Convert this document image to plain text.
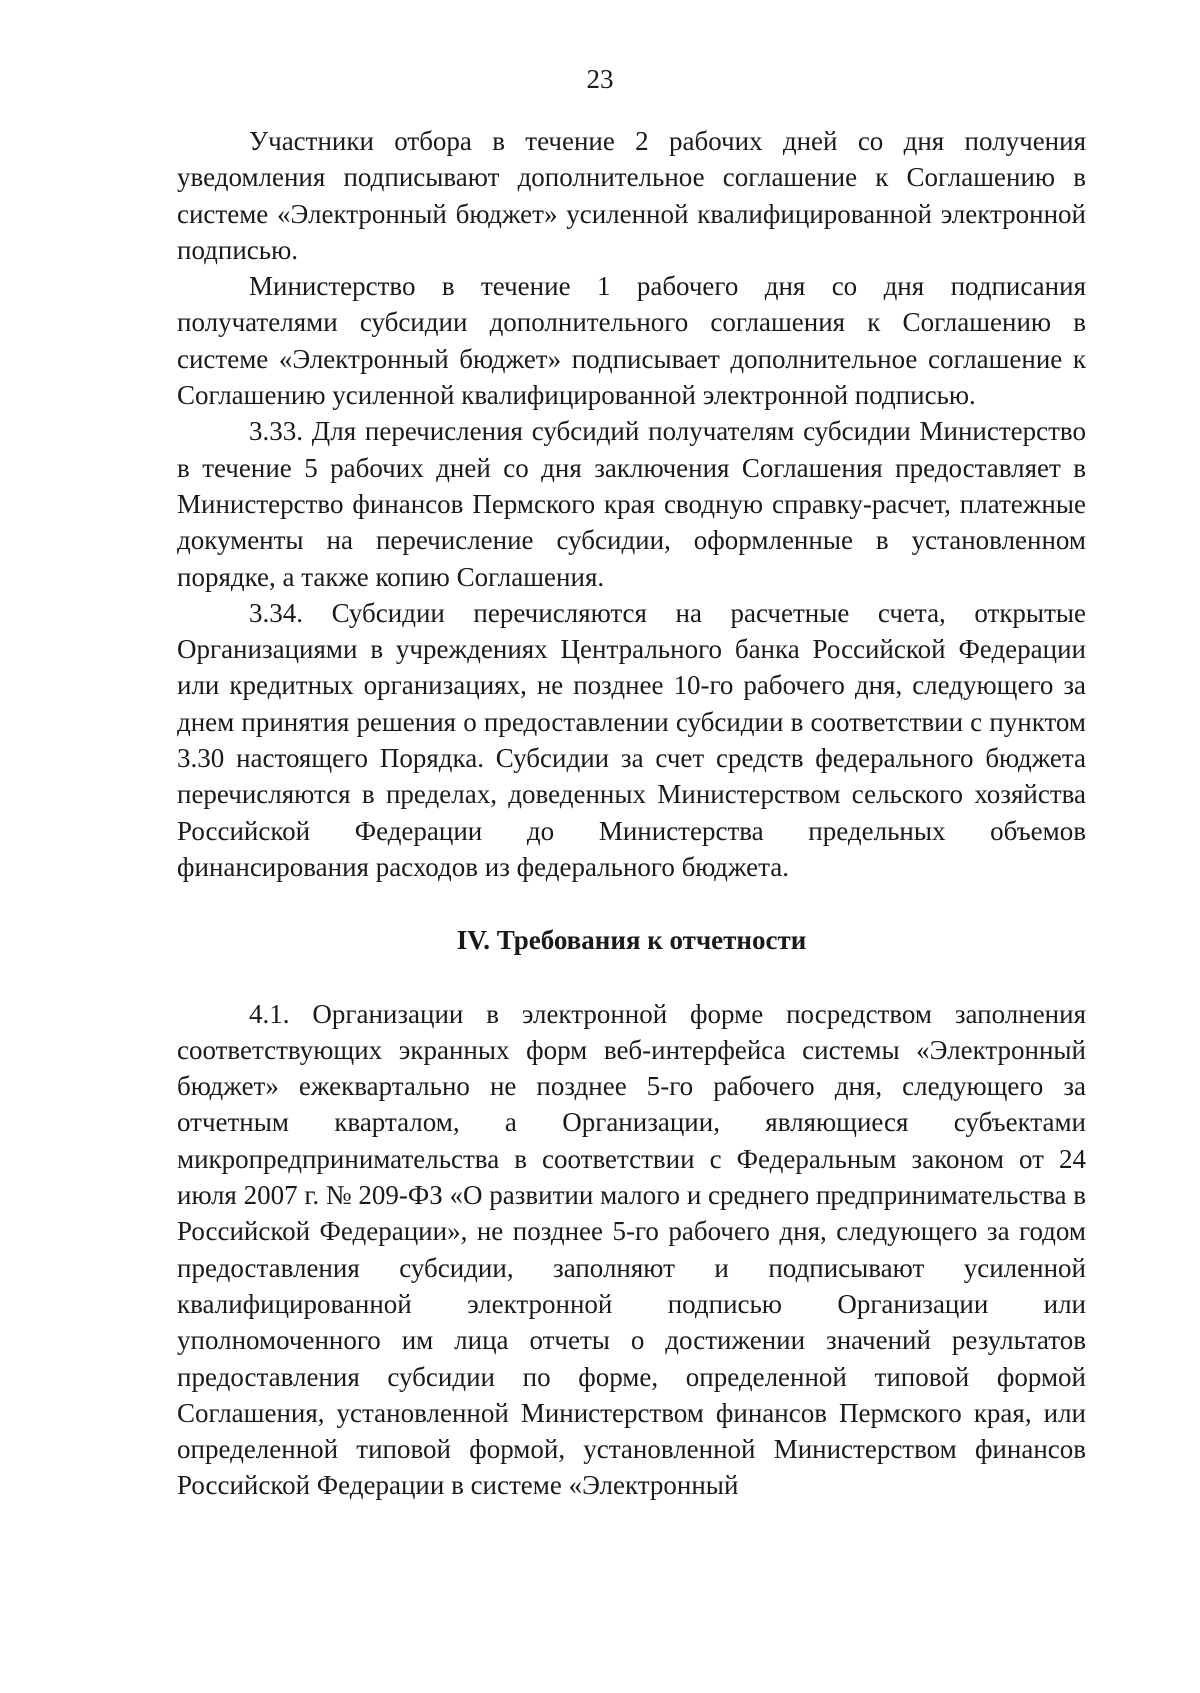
23

Участники отбора в течение 2 рабочих дней со дня получения уведомления подписывают дополнительное соглашение к Соглашению в системе «Электронный бюджет» усиленной квалифицированной электронной подписью.

Министерство в течение 1 рабочего дня со дня подписания получателями субсидии дополнительного соглашения к Соглашению в системе «Электронный бюджет» подписывает дополнительное соглашение к Соглашению усиленной квалифицированной электронной подписью.

3.33. Для перечисления субсидий получателям субсидии Министерство в течение 5 рабочих дней со дня заключения Соглашения предоставляет в Министерство финансов Пермского края сводную справку-расчет, платежные документы на перечисление субсидии, оформленные в установленном порядке, а также копию Соглашения.

3.34. Субсидии перечисляются на расчетные счета, открытые Организациями в учреждениях Центрального банка Российской Федерации или кредитных организациях, не позднее 10-го рабочего дня, следующего за днем принятия решения о предоставлении субсидии в соответствии с пунктом 3.30 настоящего Порядка. Субсидии за счет средств федерального бюджета перечисляются в пределах, доведенных Министерством сельского хозяйства Российской Федерации до Министерства предельных объемов финансирования расходов из федерального бюджета.

IV. Требования к отчетности

4.1. Организации в электронной форме посредством заполнения соответствующих экранных форм веб-интерфейса системы «Электронный бюджет» ежеквартально не позднее 5-го рабочего дня, следующего за отчетным кварталом, а Организации, являющиеся субъектами микропредпринимательства в соответствии с Федеральным законом от 24 июля 2007 г. № 209-ФЗ «О развитии малого и среднего предпринимательства в Российской Федерации», не позднее 5-го рабочего дня, следующего за годом предоставления субсидии, заполняют и подписывают усиленной квалифицированной электронной подписью Организации или уполномоченного им лица отчеты о достижении значений результатов предоставления субсидии по форме, определенной типовой формой Соглашения, установленной Министерством финансов Пермского края, или определенной типовой формой, установленной Министерством финансов Российской Федерации в системе «Электронный
